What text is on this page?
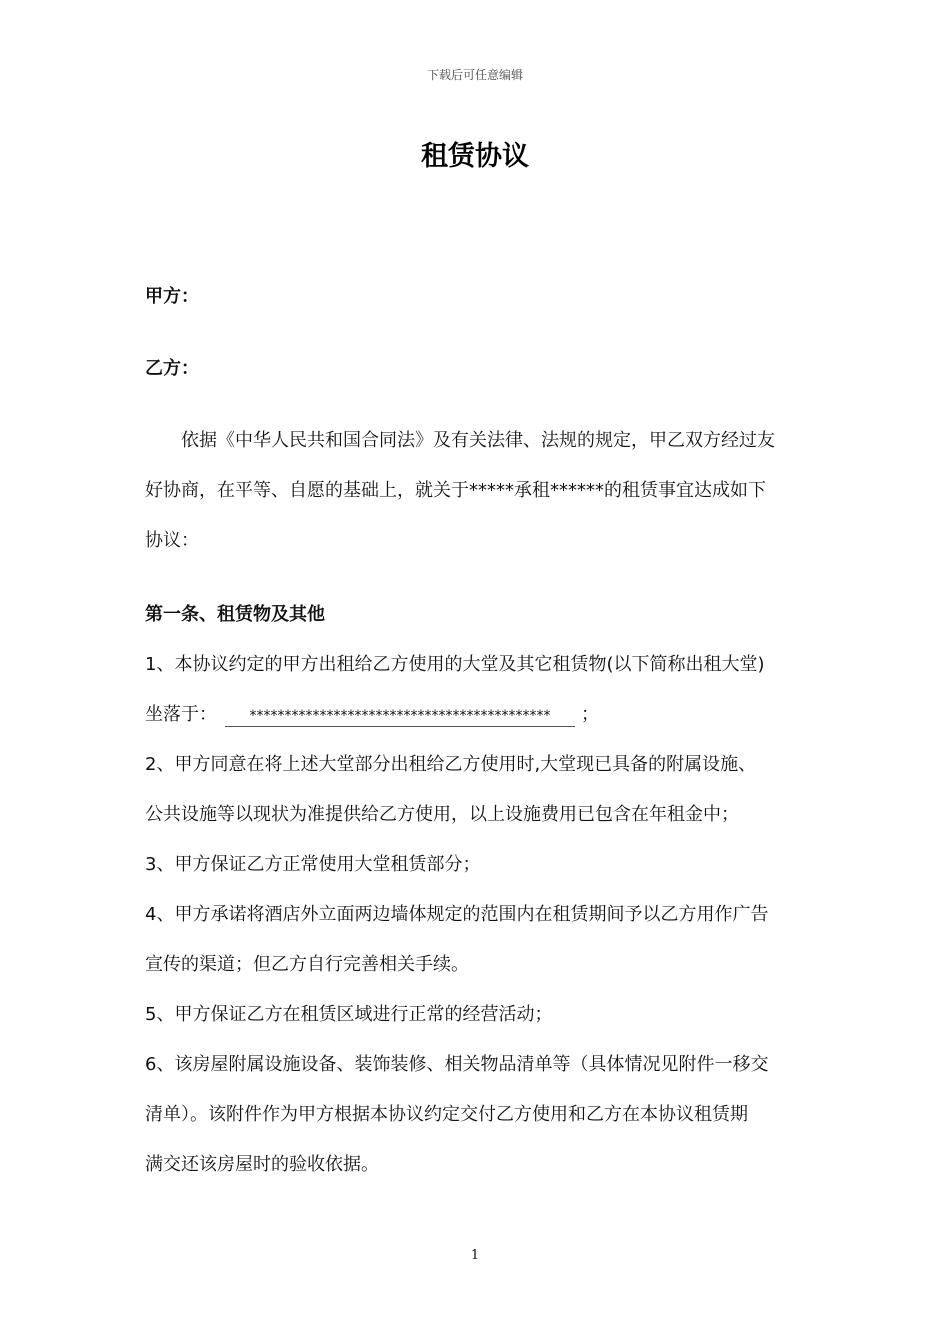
下载后可任意编辑
租赁协议
甲方：
乙方：
　　依据《中华人民共和国合同法》及有关法律、法规的规定，甲乙双方经过友
好协商，在平等、自愿的基础上，就关于*****承租******的租赁事宜达成如下
协议：
第一条、租赁物及其他
1、本协议约定的甲方出租给乙方使用的大堂及其它租赁物(以下简称出租大堂)
坐落于： ******************************************* ；
2、甲方同意在将上述大堂部分出租给乙方使用时,大堂现已具备的附属设施、
公共设施等以现状为准提供给乙方使用，以上设施费用已包含在年租金中；
3、甲方保证乙方正常使用大堂租赁部分；
4、甲方承诺将酒店外立面两边墙体规定的范围内在租赁期间予以乙方用作广告
宣传的渠道；但乙方自行完善相关手续。
5、甲方保证乙方在租赁区域进行正常的经营活动；
6、该房屋附属设施设备、装饰装修、相关物品清单等（具体情况见附件一移交
清单）。该附件作为甲方根据本协议约定交付乙方使用和乙方在本协议租赁期
满交还该房屋时的验收依据。
1
